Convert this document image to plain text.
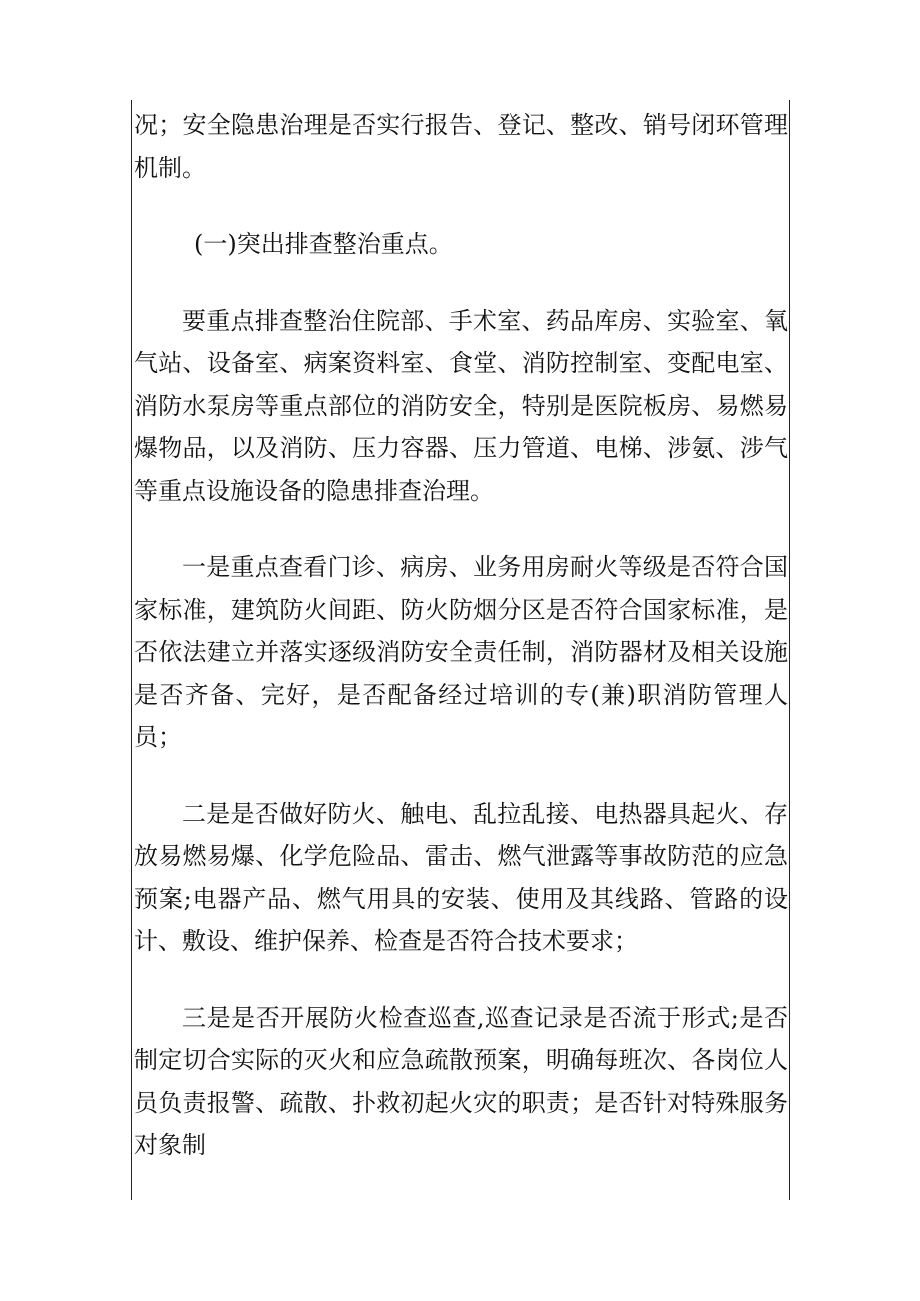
况；安全隐患治理是否实行报告、登记、整改、销号闭环管理机制。

(一)突出排查整治重点。

要重点排查整治住院部、手术室、药品库房、实验室、氧气站、设备室、病案资料室、食堂、消防控制室、变配电室、消防水泵房等重点部位的消防安全，特别是医院板房、易燃易爆物品，以及消防、压力容器、压力管道、电梯、涉氨、涉气等重点设施设备的隐患排查治理。

一是重点查看门诊、病房、业务用房耐火等级是否符合国家标准，建筑防火间距、防火防烟分区是否符合国家标准，是否依法建立并落实逐级消防安全责任制，消防器材及相关设施是否齐备、完好，是否配备经过培训的专(兼)职消防管理人员；

二是是否做好防火、触电、乱拉乱接、电热器具起火、存放易燃易爆、化学危险品、雷击、燃气泄露等事故防范的应急预案;电器产品、燃气用具的安装、使用及其线路、管路的设计、敷设、维护保养、检查是否符合技术要求；

三是是否开展防火检查巡查,巡查记录是否流于形式;是否制定切合实际的灭火和应急疏散预案，明确每班次、各岗位人员负责报警、疏散、扑救初起火灾的职责；是否针对特殊服务对象制
